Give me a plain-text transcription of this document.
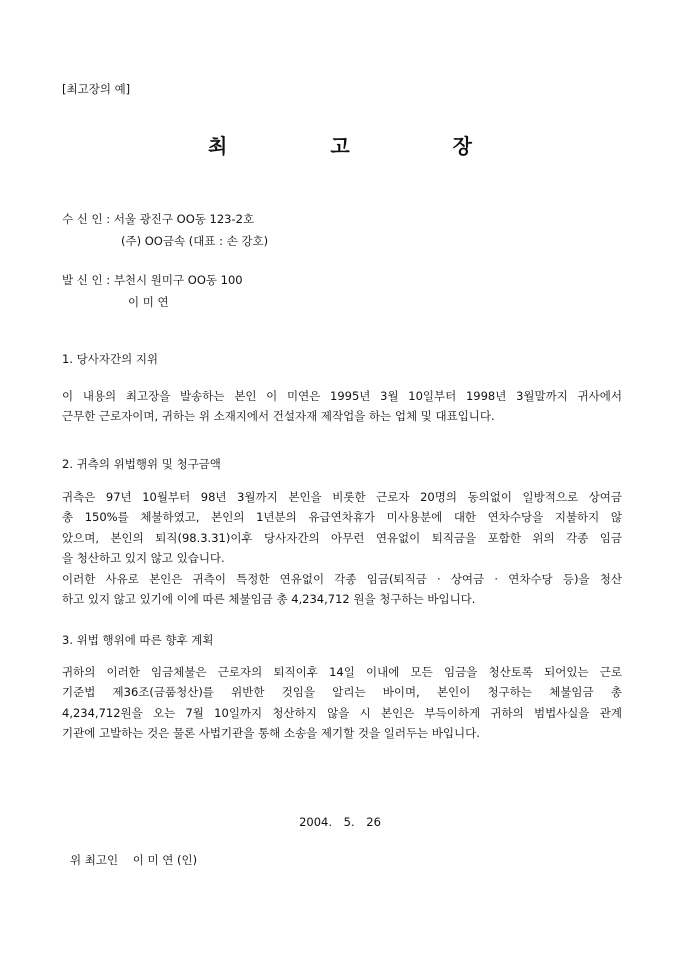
[최고장의 예]
최 고 장
수 신 인 : 서울 광진구 OO동 123-2호
(주) OO금속 (대표 : 손 강호)
발 신 인 : 부천시 원미구 OO동 100
이 미 연
1. 당사자간의 지위
이 내용의 최고장을 발송하는 본인 이 미연은 1995년 3월 10일부터 1998년 3월말까지 귀사에서
근무한 근로자이며, 귀하는 위 소재지에서 건설자재 제작업을 하는 업체 및 대표입니다.
2. 귀측의 위법행위 및 청구금액
귀측은 97년 10월부터 98년 3월까지 본인을 비롯한 근로자 20명의 동의없이 일방적으로 상여금
총 150%를 체불하였고, 본인의 1년분의 유급연차휴가 미사용분에 대한 연차수당을 지불하지 않
았으며, 본인의 퇴직(98.3.31)이후 당사자간의 아무런 연유없이 퇴직금을 포함한 위의 각종 임금
을 청산하고 있지 않고 있습니다.
이러한 사유로 본인은 귀측이 특정한 연유없이 각종 임금(퇴직금 · 상여금 · 연차수당 등)을 청산
하고 있지 않고 있기에 이에 따른 체불임금 총 4,234,712 원을 청구하는 바입니다.
3. 위법 행위에 따른 향후 계획
귀하의 이러한 임금체불은 근로자의 퇴직이후 14일 이내에 모든 임금을 청산토록 되어있는 근로
기준법 제36조(금품청산)를 위반한 것임을 알리는 바이며, 본인이 청구하는 체불임금 총
4,234,712원을 오는 7월 10일까지 청산하지 않을 시 본인은 부득이하게 귀하의 범법사실을 관계
기관에 고발하는 것은 물론 사법기관을 통해 소송을 제기할 것을 일러두는 바입니다.
2004. 5. 26
위 최고인    이 미 연 (인)
